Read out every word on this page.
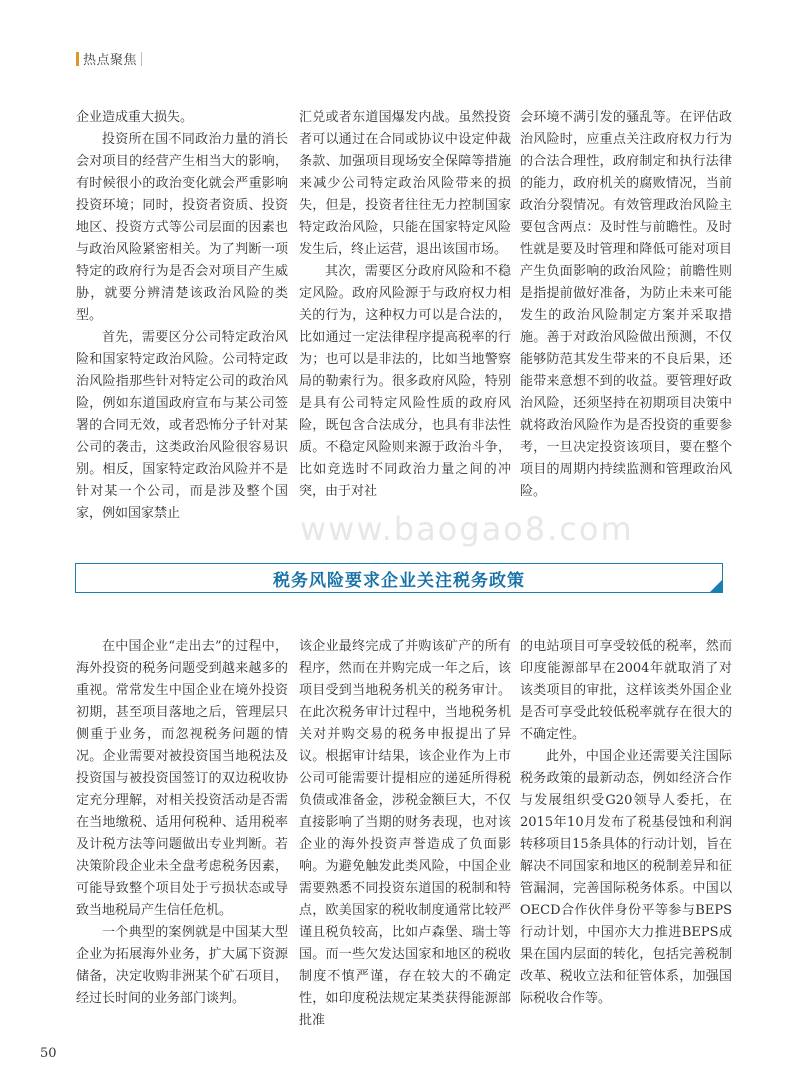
热点聚焦

企业造成重大损失。

投资所在国不同政治力量的消长会对项目的经营产生相当大的影响，有时候很小的政治变化就会严重影响投资环境；同时，投资者资质、投资地区、投资方式等公司层面的因素也与政治风险紧密相关。为了判断一项特定的政府行为是否会对项目产生威胁，就要分辨清楚该政治风险的类型。

首先，需要区分公司特定政治风险和国家特定政治风险。公司特定政治风险指那些针对特定公司的政治风险，例如东道国政府宣布与某公司签署的合同无效，或者恐怖分子针对某公司的袭击，这类政治风险很容易识别。相反，国家特定政治风险并不是针对某一个公司，而是涉及整个国家，例如国家禁止

汇兑或者东道国爆发内战。虽然投资者可以通过在合同或协议中设定仲裁条款、加强项目现场安全保障等措施来减少公司特定政治风险带来的损失，但是，投资者往往无力控制国家特定政治风险，只能在国家特定风险发生后，终止运营，退出该国市场。

其次，需要区分政府风险和不稳定风险。政府风险源于与政府权力相关的行为，这种权力可以是合法的，比如通过一定法律程序提高税率的行为；也可以是非法的，比如当地警察局的勒索行为。很多政府风险，特别是具有公司特定风险性质的政府风险，既包含合法成分，也具有非法性质。不稳定风险则来源于政治斗争，比如竞选时不同政治力量之间的冲突，由于对社

会环境不满引发的骚乱等。在评估政治风险时，应重点关注政府权力行为的合法合理性，政府制定和执行法律的能力，政府机关的腐败情况，当前政治分裂情况。有效管理政治风险主要包含两点：及时性与前瞻性。及时性就是要及时管理和降低可能对项目产生负面影响的政治风险；前瞻性则是指提前做好准备，为防止未来可能发生的政治风险制定方案并采取措施。善于对政治风险做出预测，不仅能够防范其发生带来的不良后果，还能带来意想不到的收益。要管理好政治风险，还须坚持在初期项目决策中就将政治风险作为是否投资的重要参考，一旦决定投资该项目，要在整个项目的周期内持续监测和管理政治风险。

www.baogao8.com
税务风险要求企业关注税务政策

在中国企业“走出去”的过程中，海外投资的税务问题受到越来越多的重视。常常发生中国企业在境外投资初期，甚至项目落地之后，管理层只侧重于业务，而忽视税务问题的情况。企业需要对被投资国当地税法及投资国与被投资国签订的双边税收协定充分理解，对相关投资活动是否需在当地缴税、适用何税种、适用税率及计税方法等问题做出专业判断。若决策阶段企业未全盘考虑税务因素，可能导致整个项目处于亏损状态或导致当地税局产生信任危机。

一个典型的案例就是中国某大型企业为拓展海外业务，扩大属下资源储备，决定收购非洲某个矿石项目，经过长时间的业务部门谈判。

该企业最终完成了并购该矿产的所有程序，然而在并购完成一年之后，该项目受到当地税务机关的税务审计。在此次税务审计过程中，当地税务机关对并购交易的税务申报提出了异议。根据审计结果，该企业作为上市公司可能需要计提相应的递延所得税负债或准备金，涉税金额巨大，不仅直接影响了当期的财务表现，也对该企业的海外投资声誉造成了负面影响。为避免触发此类风险，中国企业需要熟悉不同投资东道国的税制和特点，欧美国家的税收制度通常比较严谨且税负较高，比如卢森堡、瑞士等国。而一些欠发达国家和地区的税收制度不慎严谨，存在较大的不确定性，如印度税法规定某类获得能源部批准

的电站项目可享受较低的税率，然而印度能源部早在2004年就取消了对该类项目的审批，这样该类外国企业是否可享受此较低税率就存在很大的不确定性。

此外，中国企业还需要关注国际税务政策的最新动态，例如经济合作与发展组织受G20领导人委托，在2015年10月发布了税基侵蚀和利润转移项目15条具体的行动计划，旨在解决不同国家和地区的税制差异和征管漏洞，完善国际税务体系。中国以OECD合作伙伴身份平等参与BEPS行动计划，中国亦大力推进BEPS成果在国内层面的转化，包括完善税制改革、税收立法和征管体系，加强国际税收合作等。

50
